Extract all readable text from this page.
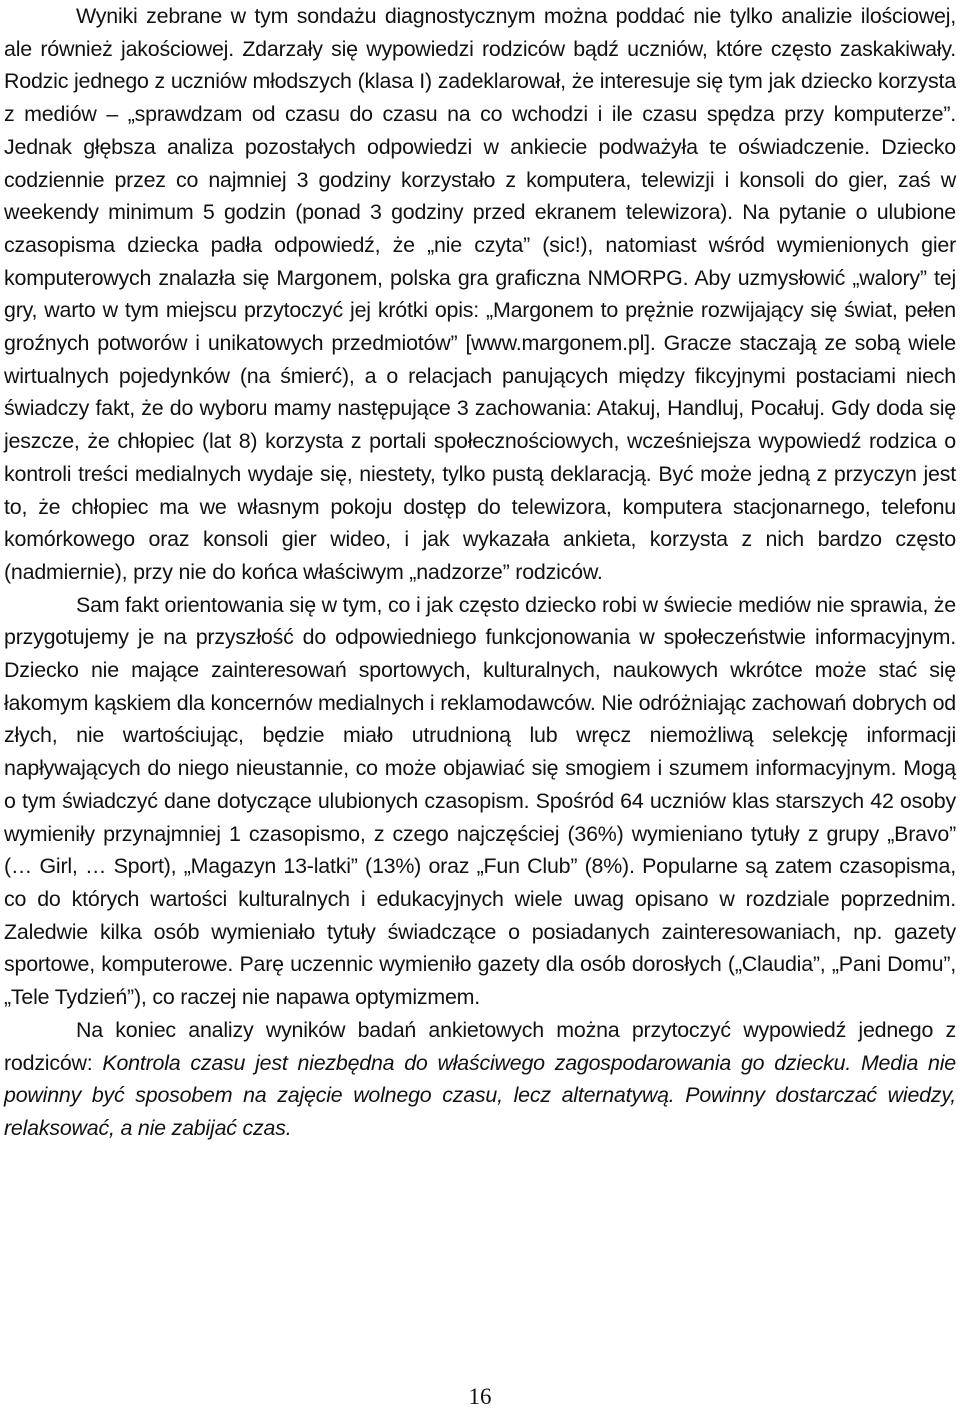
Wyniki zebrane w tym sondażu diagnostycznym można poddać nie tylko analizie ilościowej, ale również jakościowej. Zdarzały się wypowiedzi rodziców bądź uczniów, które często zaskakiwały. Rodzic jednego z uczniów młodszych (klasa I) zadeklarował, że interesuje się tym jak dziecko korzysta z mediów – „sprawdzam od czasu do czasu na co wchodzi i ile czasu spędza przy komputerze”. Jednak głębsza analiza pozostałych odpowiedzi w ankiecie podważyła te oświadczenie. Dziecko codziennie przez co najmniej 3 godziny korzystało z komputera, telewizji i konsoli do gier, zaś w weekendy minimum 5 godzin (ponad 3 godziny przed ekranem telewizora). Na pytanie o ulubione czasopisma dziecka padła odpowiedź, że „nie czyta” (sic!), natomiast wśród wymienionych gier komputerowych znalazła się Margonem, polska gra graficzna NMORPG. Aby uzmysłowić „walory” tej gry, warto w tym miejscu przytoczyć jej krótki opis: „Margonem to prężnie rozwijający się świat, pełen groźnych potworów i unikatowych przedmiotów” [www.margonem.pl]. Gracze staczają ze sobą wiele wirtualnych pojedynków (na śmierć), a o relacjach panujących między fikcyjnymi postaciami niech świadczy fakt, że do wyboru mamy następujące 3 zachowania: Atakuj, Handluj, Pocałuj. Gdy doda się jeszcze, że chłopiec (lat 8) korzysta z portali społecznościowych, wcześniejsza wypowiedź rodzica o kontroli treści medialnych wydaje się, niestety, tylko pustą deklaracją. Być może jedną z przyczyn jest to, że chłopiec ma we własnym pokoju dostęp do telewizora, komputera stacjonarnego, telefonu komórkowego oraz konsoli gier wideo, i jak wykazała ankieta, korzysta z nich bardzo często (nadmiernie), przy nie do końca właściwym „nadzorze” rodziców.

Sam fakt orientowania się w tym, co i jak często dziecko robi w świecie mediów nie sprawia, że przygotujemy je na przyszłość do odpowiedniego funkcjonowania w społeczeństwie informacyjnym. Dziecko nie mające zainteresowań sportowych, kulturalnych, naukowych wkrótce może stać się łakomym kąskiem dla koncernów medialnych i reklamodawców. Nie odróżniając zachowań dobrych od złych, nie wartościując, będzie miało utrudnioną lub wręcz niemożliwą selekcję informacji napływających do niego nieustannie, co może objawiać się smogiem i szumem informacyjnym. Mogą o tym świadczyć dane dotyczące ulubionych czasopism. Spośród 64 uczniów klas starszych 42 osoby wymieniły przynajmniej 1 czasopismo, z czego najczęściej (36%) wymieniano tytuły z grupy „Bravo” (… Girl, … Sport), „Magazyn 13-latki” (13%) oraz „Fun Club” (8%). Popularne są zatem czasopisma, co do których wartości kulturalnych i edukacyjnych wiele uwag opisano w rozdziale poprzednim. Zaledwie kilka osób wymieniało tytuły świadczące o posiadanych zainteresowaniach, np. gazety sportowe, komputerowe. Parę uczennic wymieniło gazety dla osób dorosłych („Claudia”, „Pani Domu”, „Tele Tydzień”), co raczej nie napawa optymizmem.

Na koniec analizy wyników badań ankietowych można przytoczyć wypowiedź jednego z rodziców: Kontrola czasu jest niezbędna do właściwego zagospodarowania go dziecku. Media nie powinny być sposobem na zajęcie wolnego czasu, lecz alternatywą. Powinny dostarczać wiedzy, relaksować, a nie zabijać czas.

16
